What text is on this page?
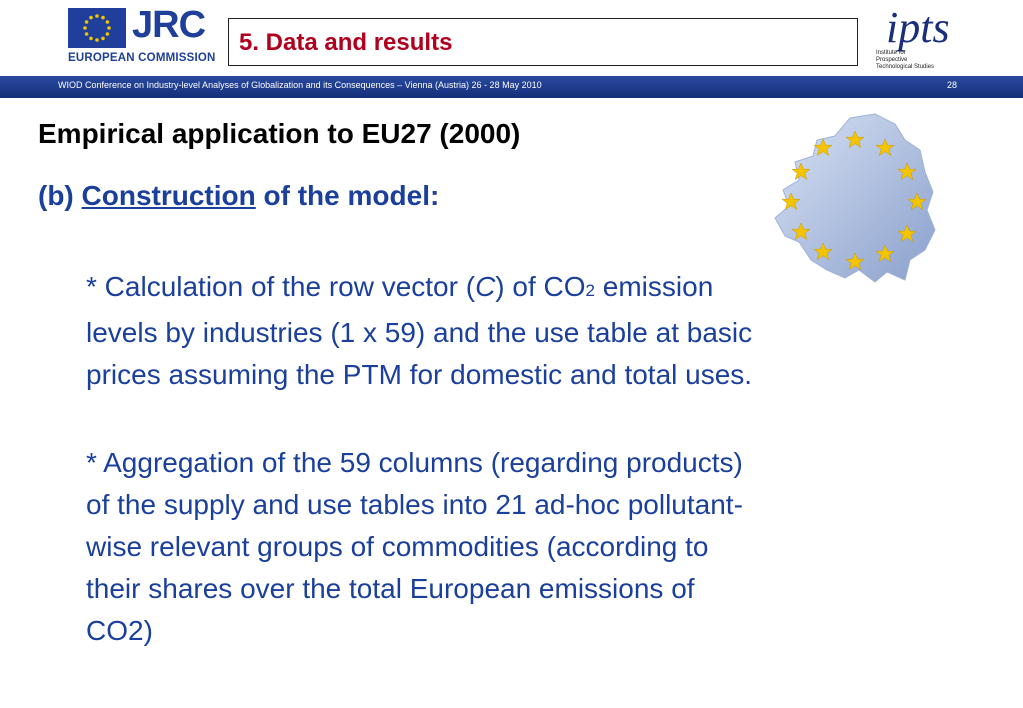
JRC
EUROPEAN COMMISSION
5. Data and results	ipts
Institute for
Prospective
Technological Studies
WIOD Conference on Industry-level Analyses of Globalization and its Consequences – Vienna (Austria) 26 - 28 May 2010	28
Empirical application to EU27 (2000)
(b) Construction of the model:
* Calculation of the row vector (C) of CO2 emission
levels by industries (1 x 59) and the use table at basic
prices assuming the PTM for domestic and total uses.
* Aggregation of the 59 columns (regarding products)
of the supply and use tables into 21 ad-hoc pollutant-
wise relevant groups of commodities (according to
their shares over the total European emissions of
CO2)
